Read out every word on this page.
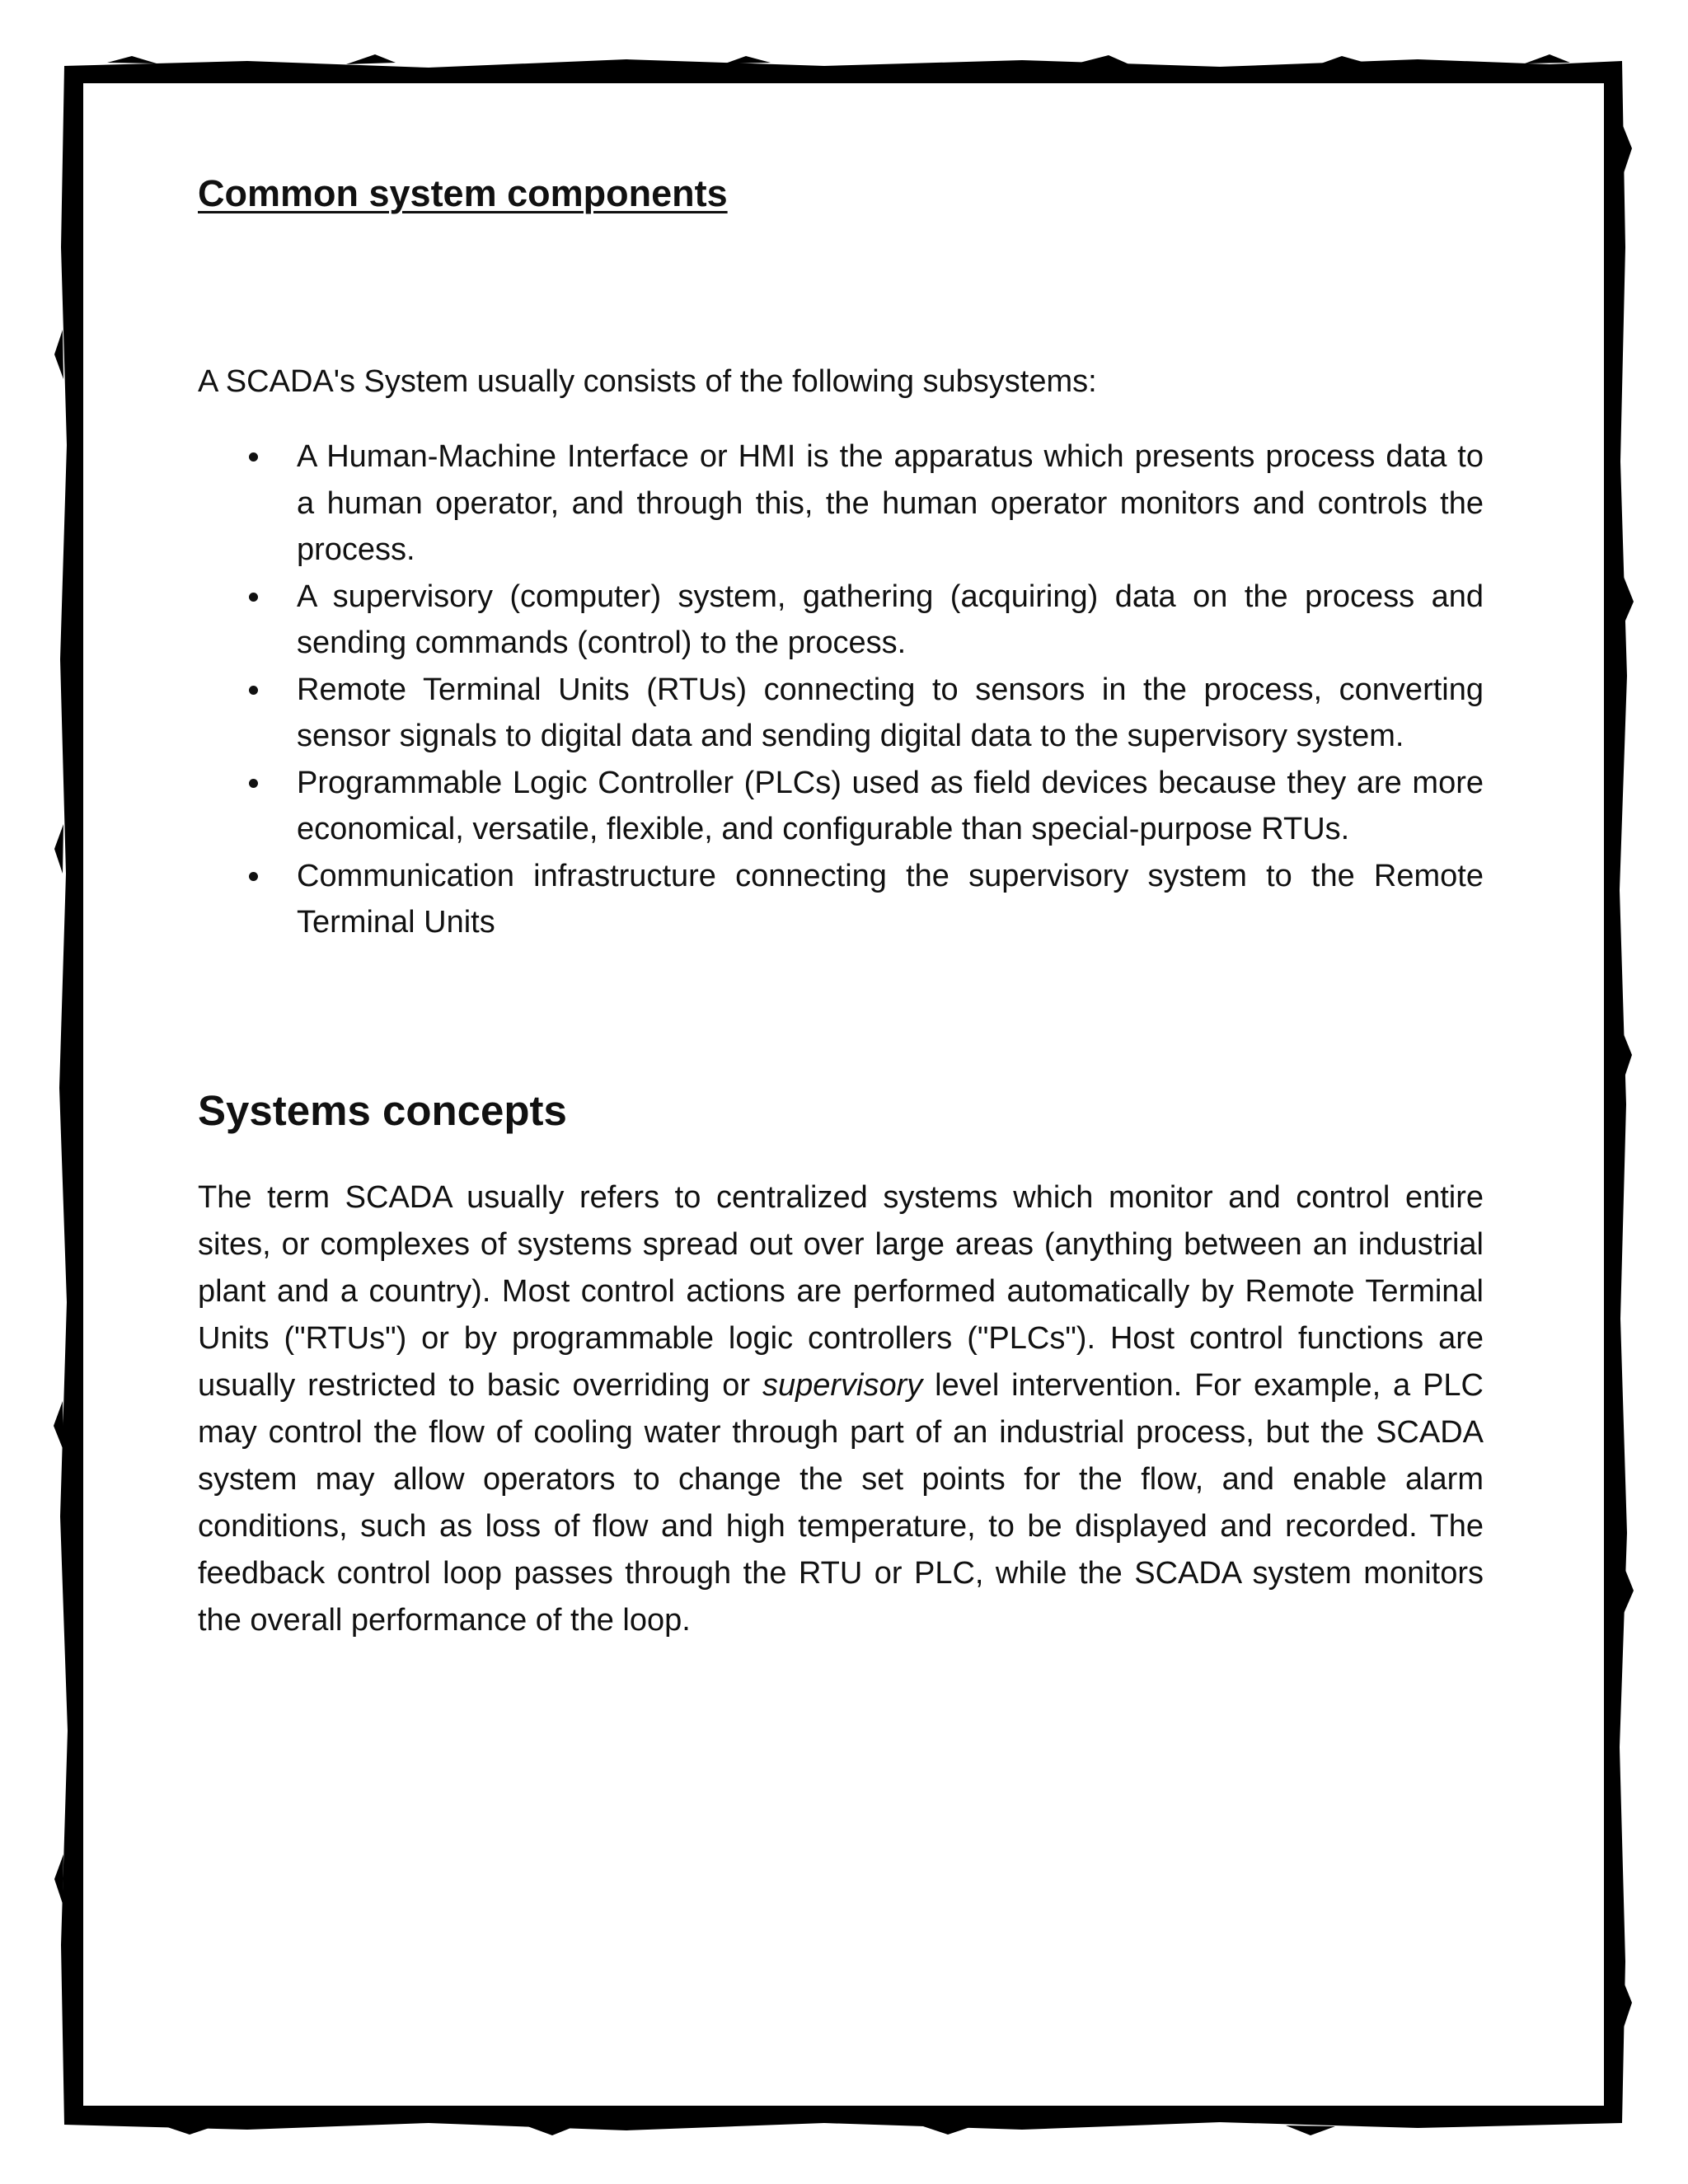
Common system components

A SCADA's System usually consists of the following subsystems:

A Human-Machine Interface or HMI is the apparatus which presents process data to a human operator, and through this, the human operator monitors and controls the process.
A supervisory (computer) system, gathering (acquiring) data on the process and sending commands (control) to the process.
Remote Terminal Units (RTUs) connecting to sensors in the process, converting sensor signals to digital data and sending digital data to the supervisory system.
Programmable Logic Controller (PLCs) used as field devices because they are more economical, versatile, flexible, and configurable than special-purpose RTUs.
Communication infrastructure connecting the supervisory system to the Remote Terminal Units
Systems concepts

The term SCADA usually refers to centralized systems which monitor and control entire sites, or complexes of systems spread out over large areas (anything between an industrial plant and a country). Most control actions are performed automatically by Remote Terminal Units ("RTUs") or by programmable logic controllers ("PLCs"). Host control functions are usually restricted to basic overriding or supervisory level intervention. For example, a PLC may control the flow of cooling water through part of an industrial process, but the SCADA system may allow operators to change the set points for the flow, and enable alarm conditions, such as loss of flow and high temperature, to be displayed and recorded. The feedback control loop passes through the RTU or PLC, while the SCADA system monitors the overall performance of the loop.
